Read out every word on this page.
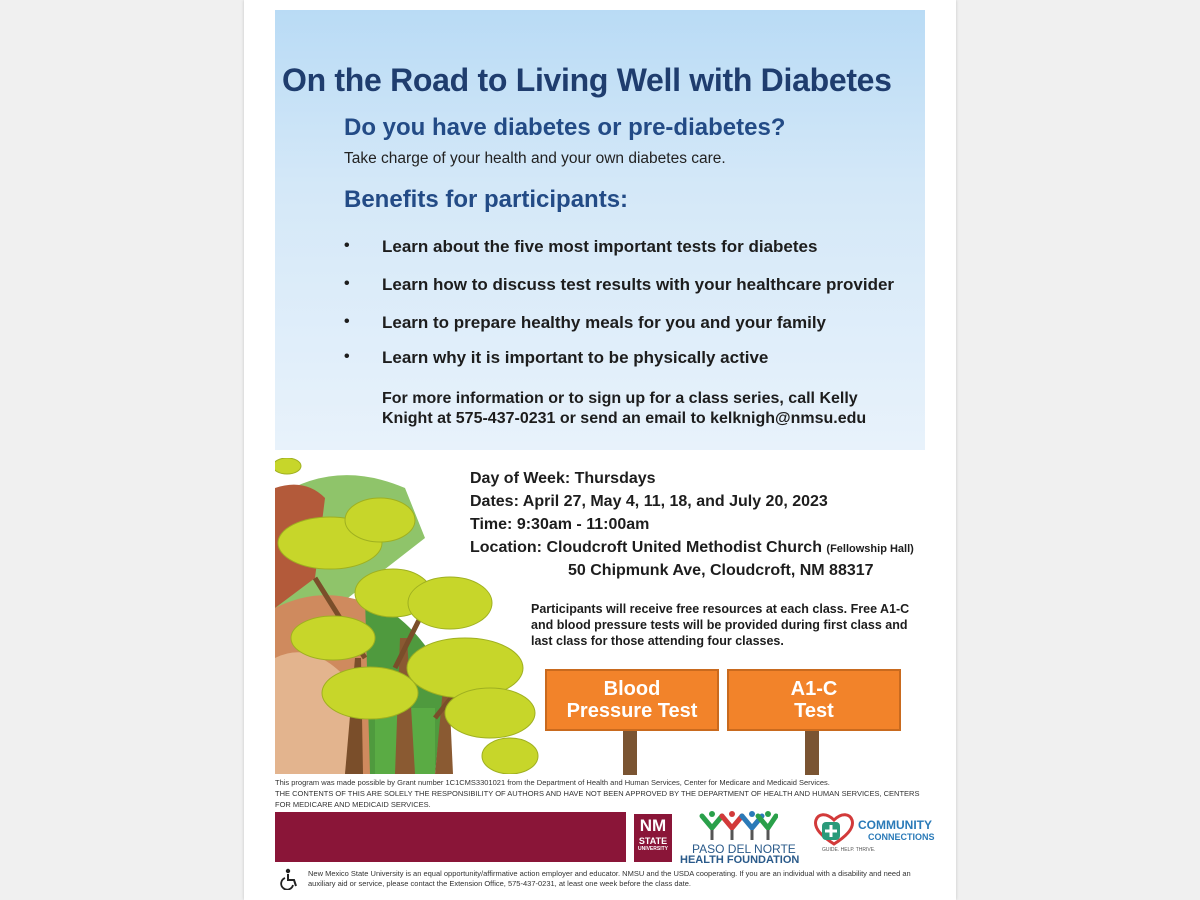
On the Road to Living Well with Diabetes
Do you have diabetes or pre-diabetes?
Take charge of your health and your own diabetes care.
Benefits for participants:
•	Learn about the five most important tests for diabetes
•	Learn how to discuss test results with your healthcare provider
•	Learn to prepare healthy meals for you and your family
•	Learn why it is important to be physically active
For more information or to sign up for a class series, call Kelly
Knight at 575-437-0231 or send an email to kelknigh@nmsu.edu
Day of Week: Thursdays
Dates: April 27, May 4, 11, 18, and July 20, 2023
Time: 9:30am - 11:00am
Location: Cloudcroft United Methodist Church (Fellowship Hall)
50 Chipmunk Ave, Cloudcroft, NM 88317
Participants will receive free resources at each class. Free A1-C and blood pressure tests will be provided during first class and last class for those attending four classes.
Blood
Pressure Test
A1-C
Test
This program was made possible by Grant number 1C1CMS3301021 from the Department of Health and Human Services, Center for Medicare and Medicaid Services.
THE CONTENTS OF THIS ARE SOLELY THE RESPONSIBILITY OF AUTHORS AND HAVE NOT BEEN APPROVED BY THE DEPARTMENT OF HEALTH AND HUMAN SERVICES, CENTERS FOR MEDICARE AND MEDICAID SERVICES.
NM
STATE
UNIVERSITY	PASO DEL NORTE
HEALTH FOUNDATION
COMMUNITY
CONNECTIONS
GUIDE. HELP. THRIVE.
New Mexico State University is an equal opportunity/affirmative action employer and educator. NMSU and the USDA cooperating. If you are an individual with a disability and need an auxiliary aid or service, please contact the Extension Office, 575-437-0231, at least one week before the class date.
